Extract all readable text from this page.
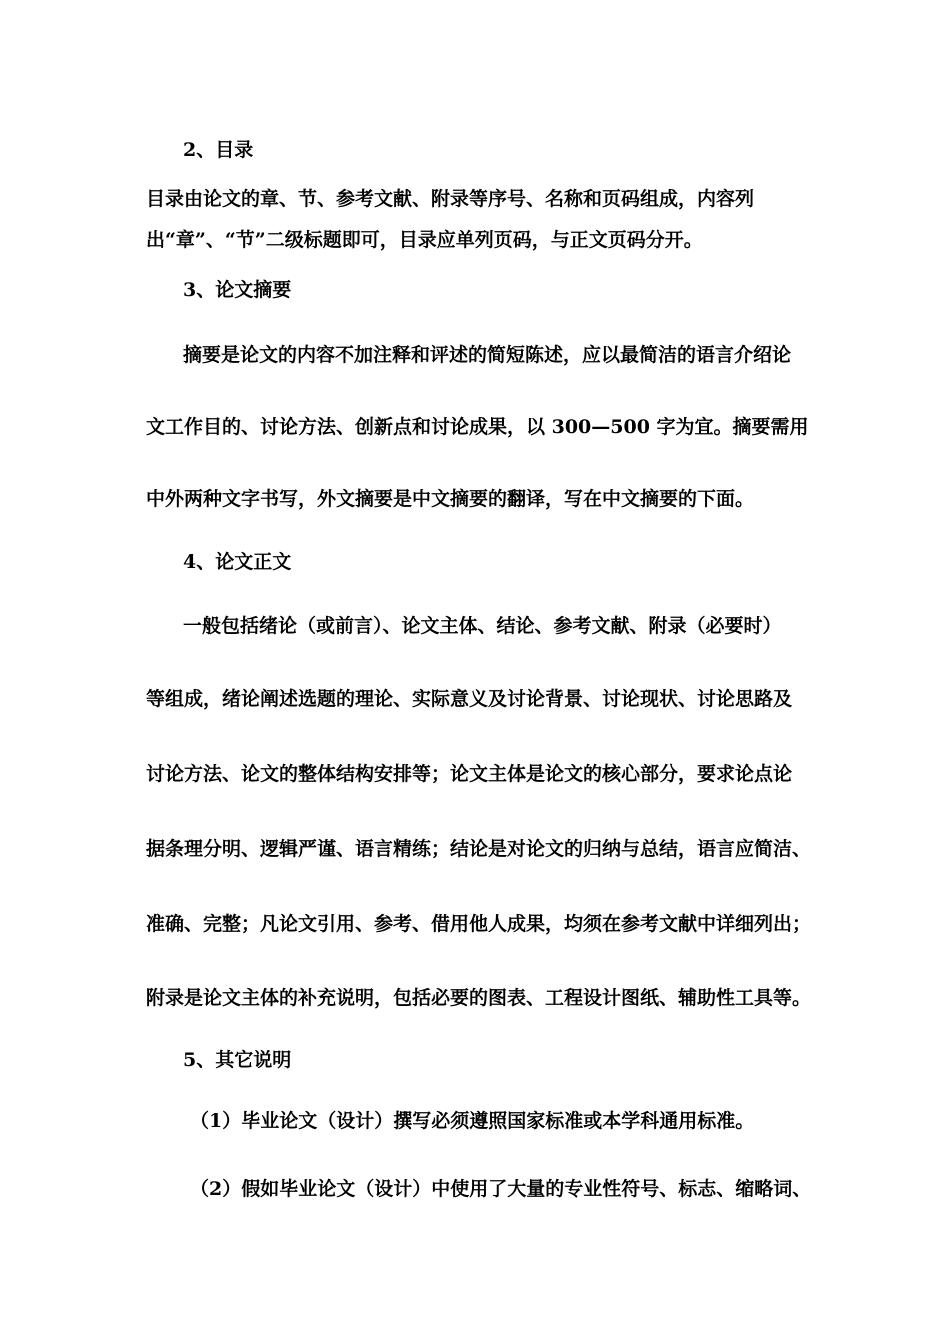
2、目录

目录由论文的章、节、参考文献、附录等序号、名称和页码组成，内容列

出“章”、“节”二级标题即可，目录应单列页码，与正文页码分开。

3、论文摘要

摘要是论文的内容不加注释和评述的简短陈述，应以最简洁的语言介绍论

文工作目的、讨论方法、创新点和讨论成果，以 300—500 字为宜。摘要需用

中外两种文字书写，外文摘要是中文摘要的翻译，写在中文摘要的下面。

4、论文正文

一般包括绪论（或前言）、论文主体、结论、参考文献、附录（必要时）

等组成，绪论阐述选题的理论、实际意义及讨论背景、讨论现状、讨论思路及

讨论方法、论文的整体结构安排等；论文主体是论文的核心部分，要求论点论

据条理分明、逻辑严谨、语言精练；结论是对论文的归纳与总结，语言应简洁、

准确、完整；凡论文引用、参考、借用他人成果，均须在参考文献中详细列出；

附录是论文主体的补充说明，包括必要的图表、工程设计图纸、辅助性工具等。

5、其它说明

（1）毕业论文（设计）撰写必须遵照国家标准或本学科通用标准。

（2）假如毕业论文（设计）中使用了大量的专业性符号、标志、缩略词、
